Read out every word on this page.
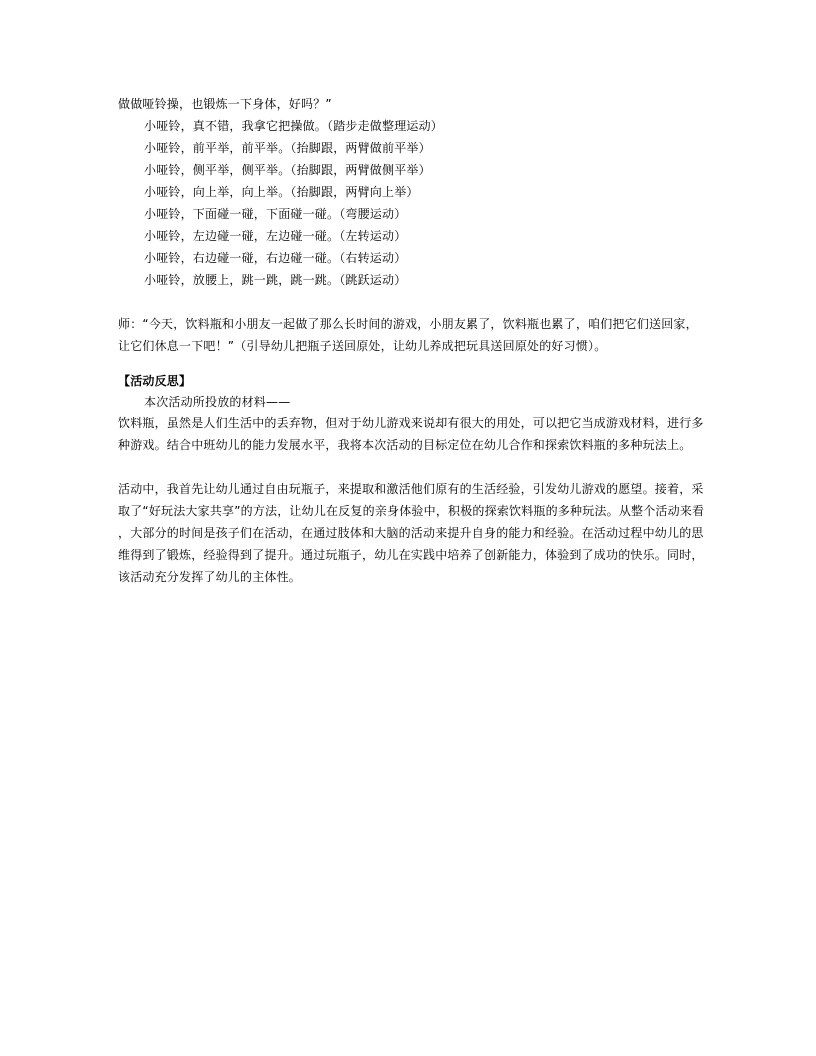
做做哑铃操，也锻炼一下身体，好吗？”
小哑铃，真不错，我拿它把操做。（踏步走做整理运动）
小哑铃，前平举，前平举。（抬脚跟，两臂做前平举）
小哑铃，侧平举，侧平举。（抬脚跟，两臂做侧平举）
小哑铃，向上举，向上举。（抬脚跟，两臂向上举）
小哑铃，下面碰一碰，下面碰一碰。（弯腰运动）
小哑铃，左边碰一碰，左边碰一碰。（左转运动）
小哑铃，右边碰一碰，右边碰一碰。（右转运动）
小哑铃，放腰上，跳一跳，跳一跳。（跳跃运动）
师：“今天，饮料瓶和小朋友一起做了那么长时间的游戏，小朋友累了，饮料瓶也累了，咱们把它们送回家，
让它们休息一下吧！”（引导幼儿把瓶子送回原处，让幼儿养成把玩具送回原处的好习惯）。
【活动反思】
本次活动所投放的材料——
饮料瓶，虽然是人们生活中的丢弃物，但对于幼儿游戏来说却有很大的用处，可以把它当成游戏材料，进行多
种游戏。结合中班幼儿的能力发展水平，我将本次活动的目标定位在幼儿合作和探索饮料瓶的多种玩法上。
活动中，我首先让幼儿通过自由玩瓶子，来提取和激活他们原有的生活经验，引发幼儿游戏的愿望。接着，采
取了“好玩法大家共享”的方法，让幼儿在反复的亲身体验中，积极的探索饮料瓶的多种玩法。从整个活动来看
，大部分的时间是孩子们在活动，在通过肢体和大脑的活动来提升自身的能力和经验。在活动过程中幼儿的思
维得到了锻炼，经验得到了提升。通过玩瓶子，幼儿在实践中培养了创新能力，体验到了成功的快乐。同时，
该活动充分发挥了幼儿的主体性。
